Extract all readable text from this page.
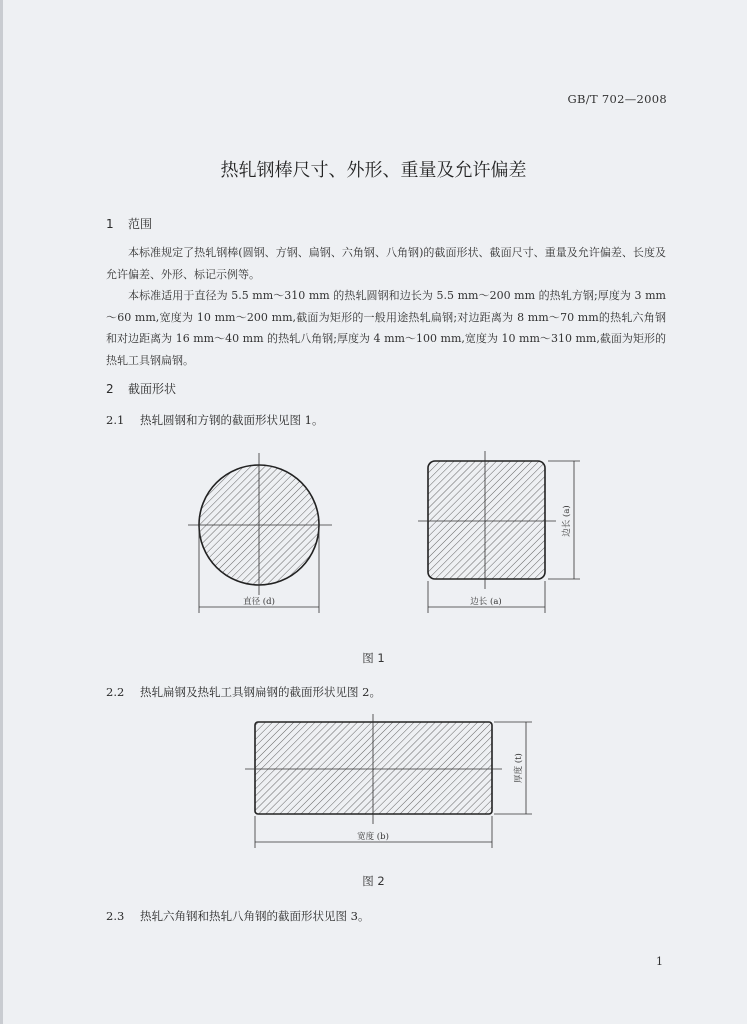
GB/T 702—2008
热轧钢棒尺寸、外形、重量及允许偏差
1 范围

本标准规定了热轧钢棒(圆钢、方钢、扁钢、六角钢、八角钢)的截面形状、截面尺寸、重量及允许偏差、长度及允许偏差、外形、标记示例等。

本标准适用于直径为 5.5 mm～310 mm 的热轧圆钢和边长为 5.5 mm～200 mm 的热轧方钢;厚度为 3 mm～60 mm,宽度为 10 mm～200 mm,截面为矩形的一般用途热轧扁钢;对边距离为 8 mm～70 mm的热轧六角钢和对边距离为 16 mm～40 mm 的热轧八角钢;厚度为 4 mm～100 mm,宽度为 10 mm～310 mm,截面为矩形的热轧工具钢扁钢。

2 截面形状
2.1 热轧圆钢和方钢的截面形状见图 1。
直径 (d)
边长 (a)
边长 (a)
图 1
2.2 热轧扁钢及热轧工具钢扁钢的截面形状见图 2。
厚度 (t)
宽度 (b)
图 2
2.3 热轧六角钢和热轧八角钢的截面形状见图 3。
1
